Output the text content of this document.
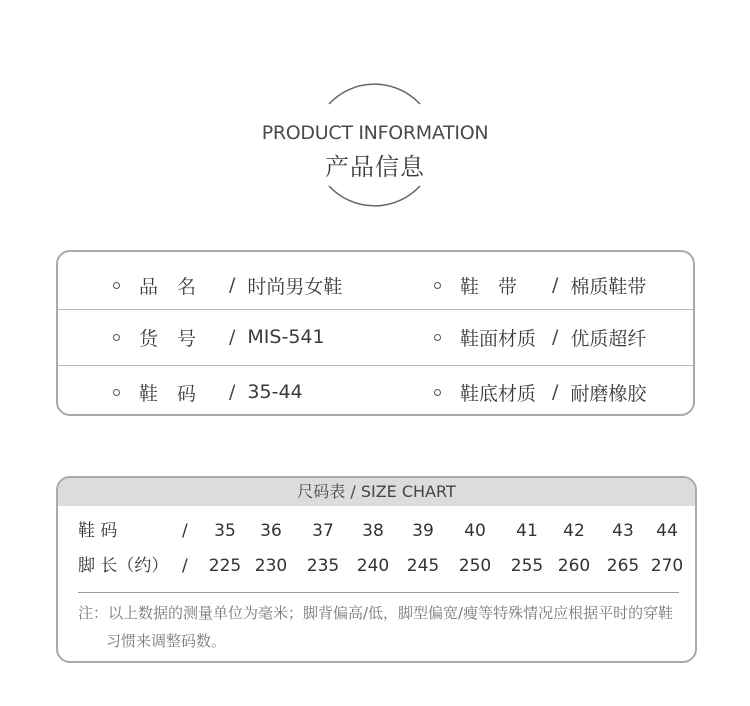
PRODUCT INFORMATION
产品信息
品　名	/ 时尚男女鞋	鞋　带	/ 棉质鞋带
货　号	/ MIS-541	鞋面材质 / 优质超纤
鞋　码	/ 35-44	鞋底材质 / 耐磨橡胶
尺码表 / SIZE CHART
鞋 码	/	35	36	37	38	39	40	41	42	43	44
脚 长（约） /	225 230	235	240	245	250	255 260 265 270
注：以上数据的测量单位为毫米；脚背偏高/低，脚型偏宽/瘦等特殊情况应根据平时的穿鞋
习惯来调整码数。
